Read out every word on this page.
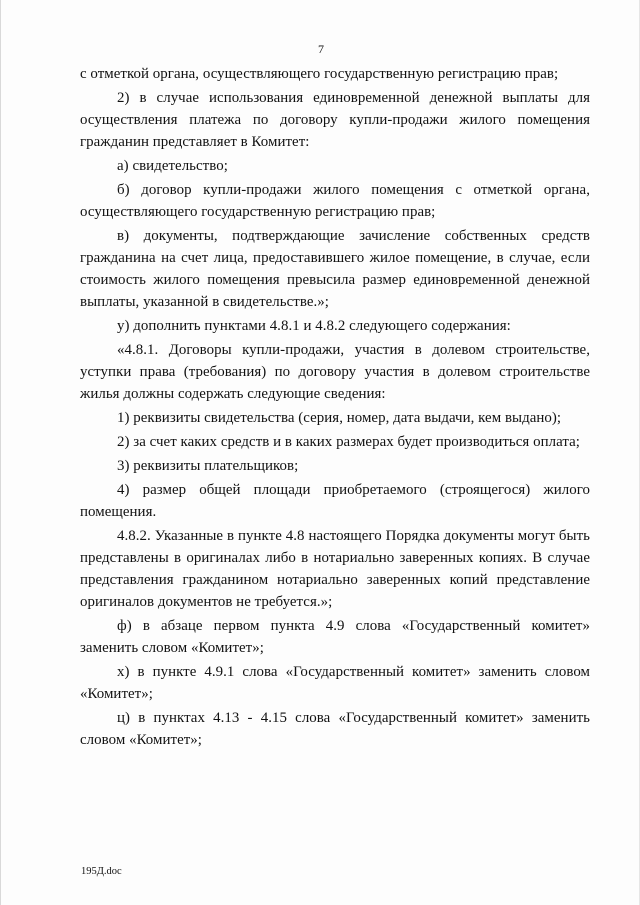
7

с отметкой органа, осуществляющего государственную регистрацию прав;

2) в случае использования единовременной денежной выплаты для осуществления платежа по договору купли-продажи жилого помещения гражданин представляет в Комитет:

а) свидетельство;

б) договор купли-продажи жилого помещения с отметкой органа, осуществляющего государственную регистрацию прав;

в) документы, подтверждающие зачисление собственных средств гражданина на счет лица, предоставившего жилое помещение, в случае, если стоимость жилого помещения превысила размер единовременной денежной выплаты, указанной в свидетельстве.»;

у) дополнить пунктами 4.8.1 и 4.8.2 следующего содержания:

«4.8.1. Договоры купли-продажи, участия в долевом строительстве, уступки права (требования) по договору участия в долевом строительстве жилья должны содержать следующие сведения:

1) реквизиты свидетельства (серия, номер, дата выдачи, кем выдано);

2) за счет каких средств и в каких размерах будет производиться оплата;

3) реквизиты плательщиков;

4) размер общей площади приобретаемого (строящегося) жилого помещения.

4.8.2. Указанные в пункте 4.8 настоящего Порядка документы могут быть представлены в оригиналах либо в нотариально заверенных копиях. В случае представления гражданином нотариально заверенных копий представление оригиналов документов не требуется.»;

ф) в абзаце первом пункта 4.9 слова «Государственный комитет» заменить словом «Комитет»;

х) в пункте 4.9.1 слова «Государственный комитет» заменить словом «Комитет»;

ц) в пунктах 4.13 - 4.15 слова «Государственный комитет» заменить словом «Комитет»;

195Д.doc
